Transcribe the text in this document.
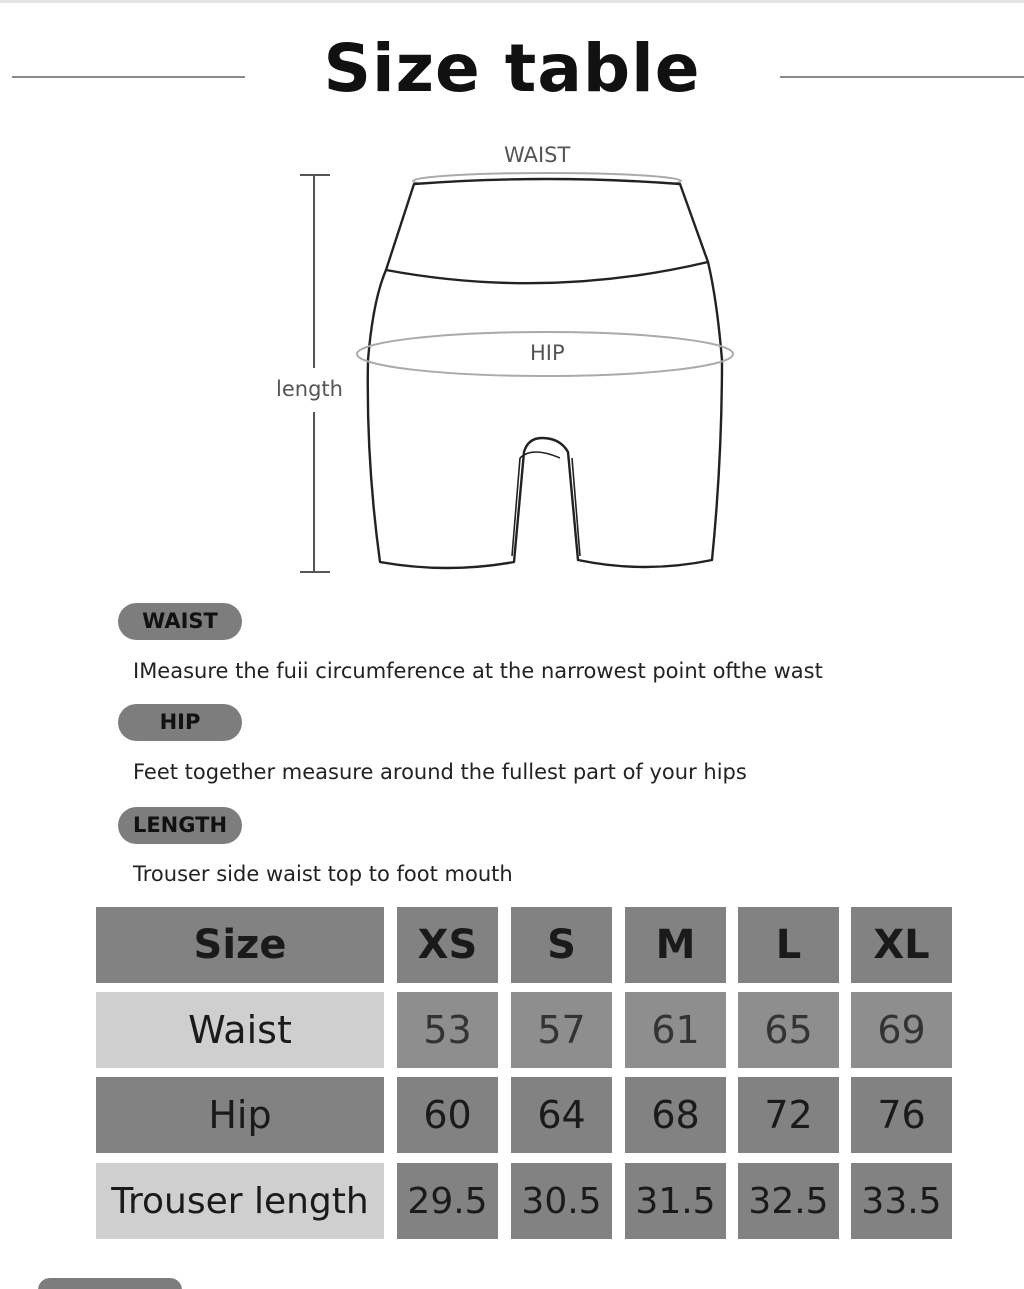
Size table
WAIST
HIP
length
WAIST
IMeasure the fuii circumference at the narrowest point ofthe wast
HIP
Feet together measure around the fullest part of your hips
LENGTH
Trouser side waist top to foot mouth
Size	XS	S	M	L	XL
Waist	53	57	61	65	69
Hip	60	64	68	72	76
Trouser length	29.5 30.5 31.5 32.5 33.5
